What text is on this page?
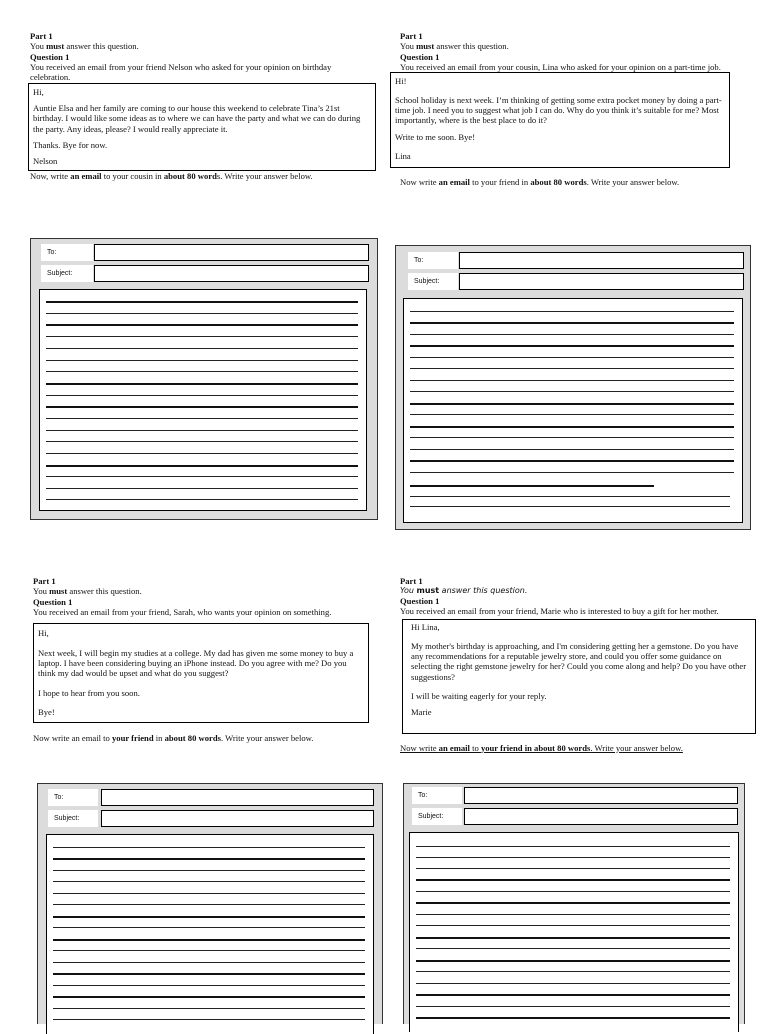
Part 1

You must answer this question.

Question 1

You received an email from your friend Nelson who asked for your opinion on birthday celebration.

Hi,

Auntie Elsa and her family are coming to our house this weekend to celebrate Tina’s 21st birthday. I would like some ideas as to where we can have the party and what we can do during the party. Any ideas, please? I would really appreciate it.

Thanks. Bye for now.

Nelson

Now, write an email to your cousin in about 80 words. Write your answer below.

To:
Subject:

Part 1

You must answer this question.

Question 1

You received an email from your cousin, Lina who asked for your opinion on a part-time job.

Hi!

School holiday is next week. I’m thinking of getting some extra pocket money by doing a part-time job. I need you to suggest what job I can do. Why do you think it’s suitable for me? Most importantly, where is the best place to do it?

Write to me soon. Bye!

Lina

Now write an email to your friend in about 80 words. Write your answer below.

To:
Subject:

Part 1

You must answer this question.

Question 1

You received an email from your friend, Sarah, who wants your opinion on something.

Hi,

Next week, I will begin my studies at a college. My dad has given me some money to buy a laptop. I have been considering buying an iPhone instead. Do you agree with me? Do you think my dad would be upset and what do you suggest?

I hope to hear from you soon.

Bye!

Now write an email to your friend in about 80 words. Write your answer below.

To:
Subject:

Part 1

You must answer this question.

Question 1

You received an email from your friend, Marie who is interested to buy a gift for her mother.

Hi Lina,

My mother's birthday is approaching, and I'm considering getting her a gemstone. Do you have any recommendations for a reputable jewelry store, and could you offer some guidance on selecting the right gemstone jewelry for her? Could you come along and help? Do you have other suggestions?

I will be waiting eagerly for your reply.

Marie

Now write an email to your friend in about 80 words. Write your answer below.

To:
Subject:
